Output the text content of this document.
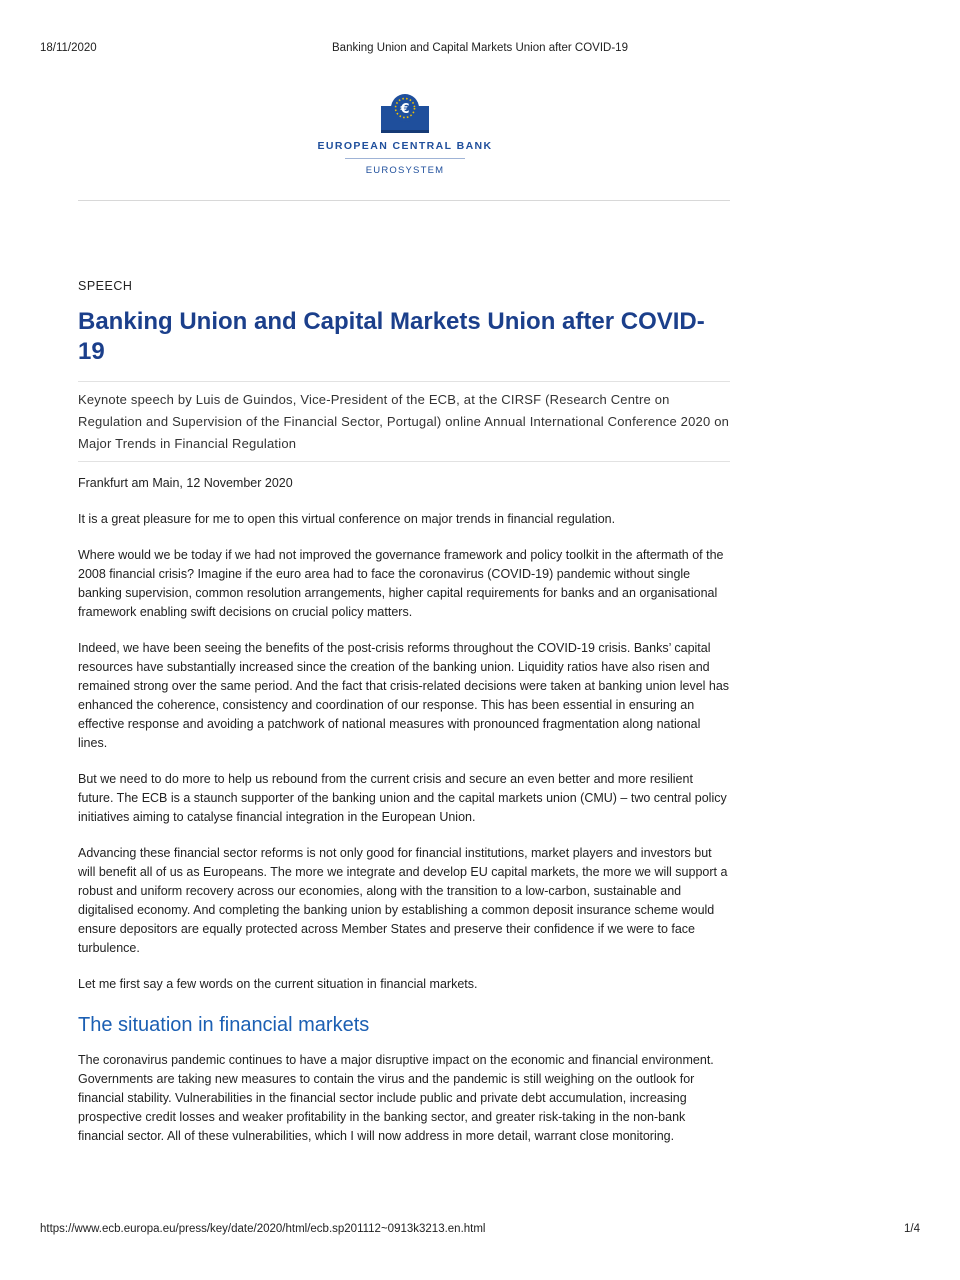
18/11/2020	Banking Union and Capital Markets Union after COVID-19
€
EUROPEAN CENTRAL BANK
EUROSYSTEM
SPEECH
Banking Union and Capital Markets Union after COVID-19
Keynote speech by Luis de Guindos, Vice-President of the ECB, at the CIRSF (Research Centre on Regulation and Supervision of the Financial Sector, Portugal) online Annual International Conference 2020 on Major Trends in Financial Regulation
Frankfurt am Main, 12 November 2020

It is a great pleasure for me to open this virtual conference on major trends in financial regulation.

Where would we be today if we had not improved the governance framework and policy toolkit in the aftermath of the 2008 financial crisis? Imagine if the euro area had to face the coronavirus (COVID-19) pandemic without single banking supervision, common resolution arrangements, higher capital requirements for banks and an organisational framework enabling swift decisions on crucial policy matters.

Indeed, we have been seeing the benefits of the post-crisis reforms throughout the COVID-19 crisis. Banks’ capital resources have substantially increased since the creation of the banking union. Liquidity ratios have also risen and remained strong over the same period. And the fact that crisis-related decisions were taken at banking union level has enhanced the coherence, consistency and coordination of our response. This has been essential in ensuring an effective response and avoiding a patchwork of national measures with pronounced fragmentation along national lines.

But we need to do more to help us rebound from the current crisis and secure an even better and more resilient future. The ECB is a staunch supporter of the banking union and the capital markets union (CMU) – two central policy initiatives aiming to catalyse financial integration in the European Union.

Advancing these financial sector reforms is not only good for financial institutions, market players and investors but will benefit all of us as Europeans. The more we integrate and develop EU capital markets, the more we will support a robust and uniform recovery across our economies, along with the transition to a low-carbon, sustainable and digitalised economy. And completing the banking union by establishing a common deposit insurance scheme would ensure depositors are equally protected across Member States and preserve their confidence if we were to face turbulence.

Let me first say a few words on the current situation in financial markets.

The situation in financial markets

The coronavirus pandemic continues to have a major disruptive impact on the economic and financial environment. Governments are taking new measures to contain the virus and the pandemic is still weighing on the outlook for financial stability. Vulnerabilities in the financial sector include public and private debt accumulation, increasing prospective credit losses and weaker profitability in the banking sector, and greater risk-taking in the non-bank financial sector. All of these vulnerabilities, which I will now address in more detail, warrant close monitoring.

https://www.ecb.europa.eu/press/key/date/2020/html/ecb.sp201112~0913k3213.en.html	1/4
